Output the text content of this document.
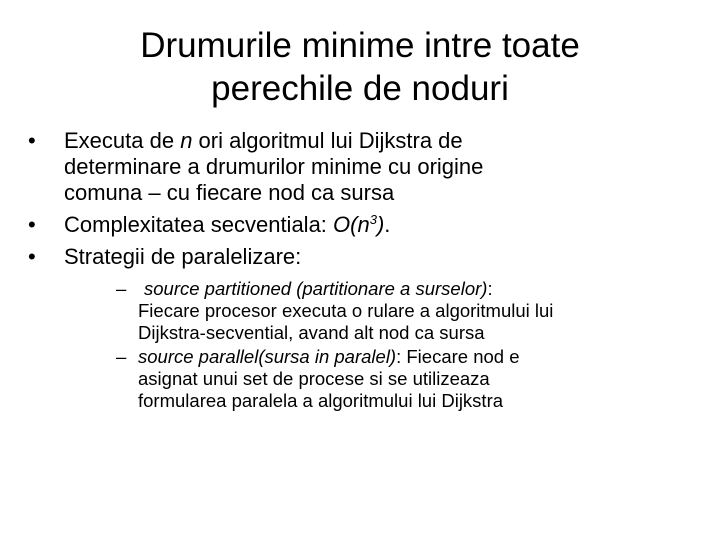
Drumurile minime intre toate
perechile de noduri
• Executa de n ori algoritmul lui Dijkstra de
determinare a drumurilor minime cu origine
comuna – cu fiecare nod ca sursa
• Complexitatea secventiala: $O(n^3)$.
• Strategii de paralelizare:
– source partitioned (partitionare a surselor):
Fiecare procesor executa o rulare a algoritmului lui
Dijkstra-secvential, avand alt nod ca sursa
– source parallel(sursa in paralel): Fiecare nod e
asignat unui set de procese si se utilizeaza
formularea paralela a algoritmului lui Dijkstra
